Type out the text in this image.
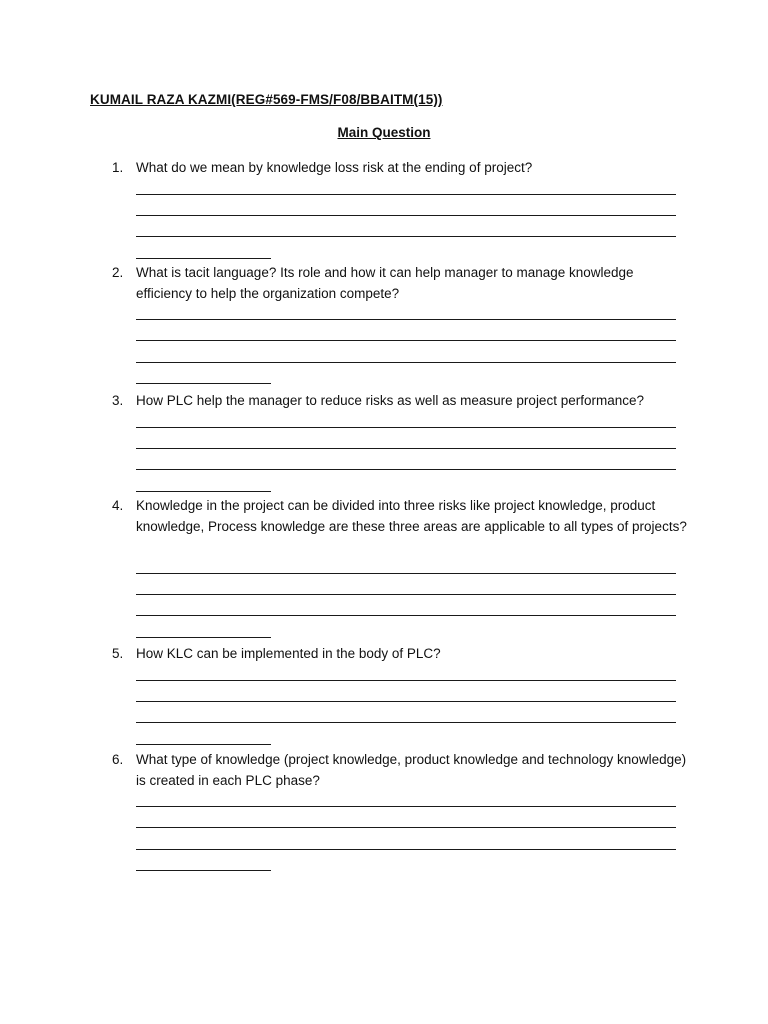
KUMAIL RAZA KAZMI(REG#569-FMS/F08/BBAITM(15))
Main Question
1. What do we mean by knowledge loss risk at the ending of project?
2. What is tacit language? Its role and how it can help manager to manage knowledge efficiency to help the organization compete?
3. How PLC help the manager to reduce risks as well as measure project performance?
4. Knowledge in the project can be divided into three risks like project knowledge, product knowledge, Process knowledge are these three areas are applicable to all types of projects?
5. How KLC can be implemented in the body of PLC?
6. What type of knowledge (project knowledge, product knowledge and technology knowledge) is created in each PLC phase?
